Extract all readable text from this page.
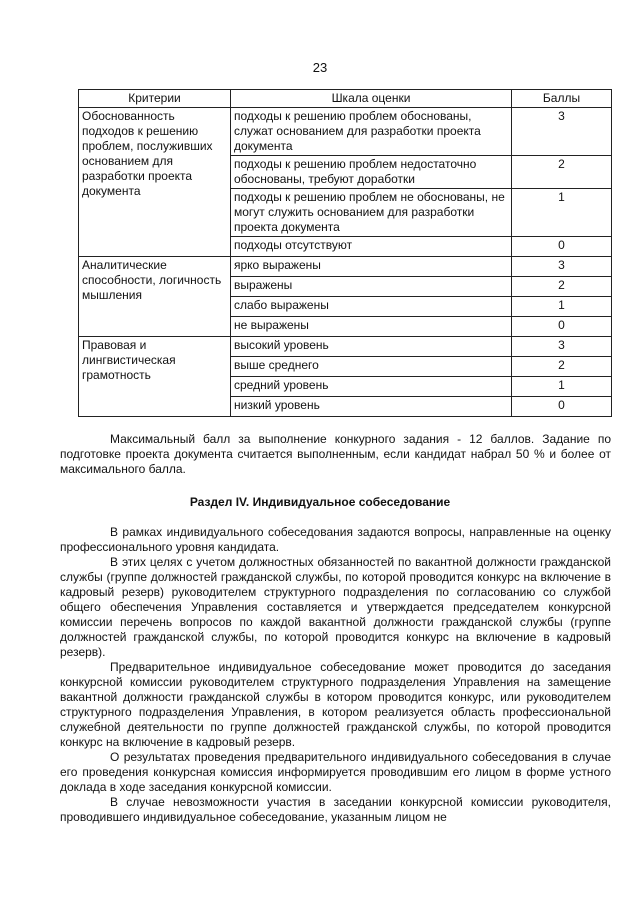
23
Критерии	Шкала оценки	Баллы
Обоснованность подходов к решению проблем, послуживших основанием для разработки проекта документа	подходы к решению проблем обоснованы, служат основанием для разработки проекта документа	3
	подходы к решению проблем недостаточно обоснованы, требуют доработки	2
	подходы к решению проблем не обоснованы, не могут служить основанием для разработки проекта документа	1
	подходы отсутствуют	0
Аналитические способности, логичность мышления	ярко выражены	3
	выражены	2
	слабо выражены	1
	не выражены	0
Правовая и лингвистическая грамотность	высокий уровень	3
	выше среднего	2
	средний уровень	1
	низкий уровень	0

Максимальный балл за выполнение конкурного задания - 12 баллов. Задание по подготовке проекта документа считается выполненным, если кандидат набрал 50 % и более от максимального балла.

Раздел IV. Индивидуальное собеседование

В рамках индивидуального собеседования задаются вопросы, направленные на оценку профессионального уровня кандидата.

В этих целях с учетом должностных обязанностей по вакантной должности гражданской службы (группе должностей гражданской службы, по которой проводится конкурс на включение в кадровый резерв) руководителем структурного подразделения по согласованию со службой общего обеспечения Управления составляется и утверждается председателем конкурсной комиссии перечень вопросов по каждой вакантной должности гражданской службы (группе должностей гражданской службы, по которой проводится конкурс на включение в кадровый резерв).

Предварительное индивидуальное собеседование может проводится до заседания конкурсной комиссии руководителем структурного подразделения Управления на замещение вакантной должности гражданской службы в котором проводится конкурс, или руководителем структурного подразделения Управления, в котором реализуется область профессиональной служебной деятельности по группе должностей гражданской службы, по которой проводится конкурс на включение в кадровый резерв.

О результатах проведения предварительного индивидуального собеседования в случае его проведения конкурсная комиссия информируется проводившим его лицом в форме устного доклада в ходе заседания конкурсной комиссии.

В случае невозможности участия в заседании конкурсной комиссии руководителя, проводившего индивидуальное собеседование, указанным лицом не
